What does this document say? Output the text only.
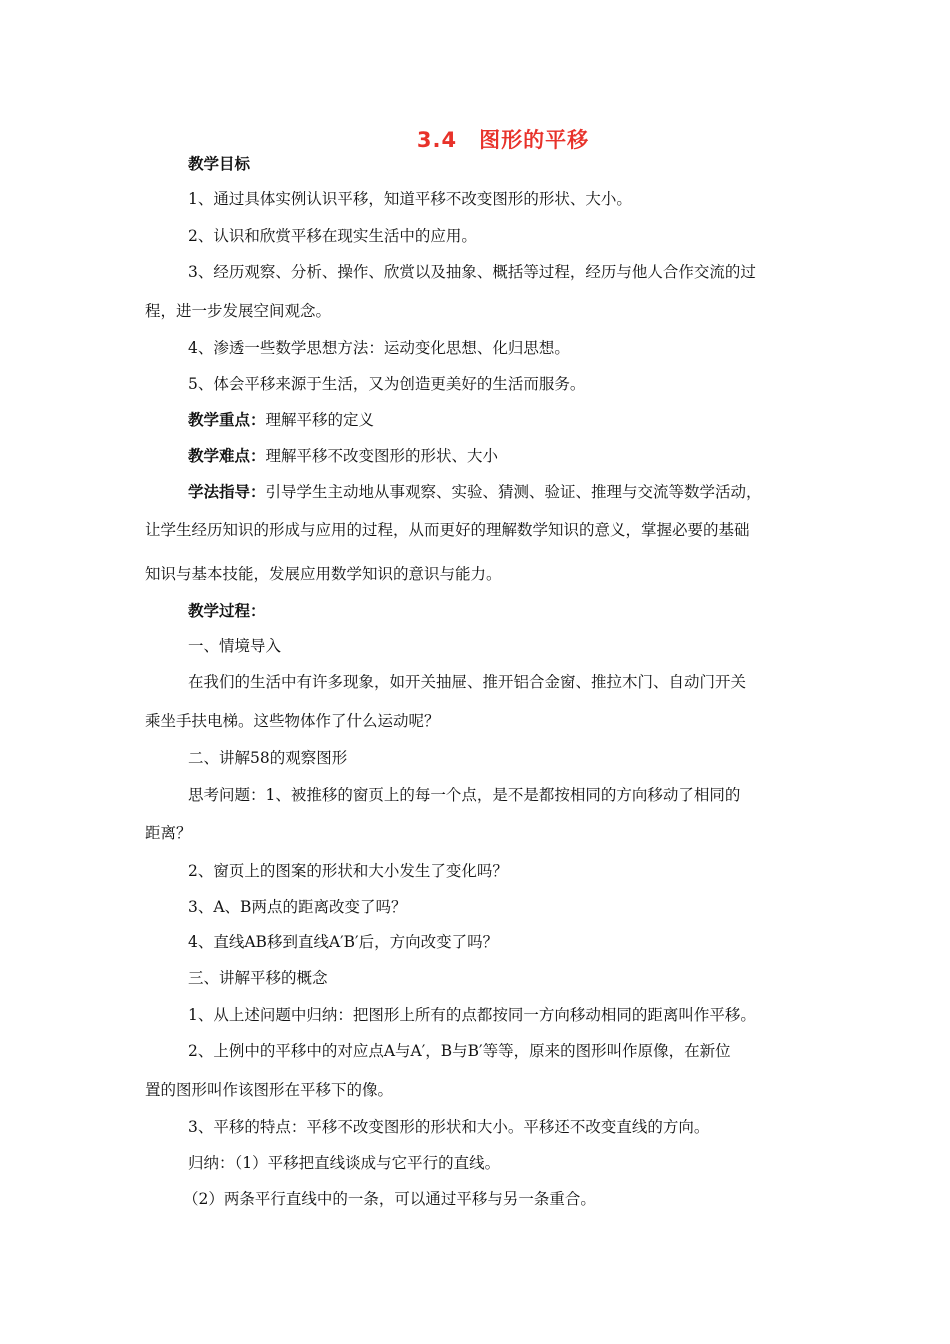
3.4　图形的平移
教学目标
1、通过具体实例认识平移，知道平移不改变图形的形状、大小。
2、认识和欣赏平移在现实生活中的应用。
3、经历观察、分析、操作、欣赏以及抽象、概括等过程，经历与他人合作交流的过
程，进一步发展空间观念。
4、渗透一些数学思想方法：运动变化思想、化归思想。
5、体会平移来源于生活，又为创造更美好的生活而服务。
教学重点：理解平移的定义
教学难点：理解平移不改变图形的形状、大小
学法指导：引导学生主动地从事观察、实验、猜测、验证、推理与交流等数学活动，
让学生经历知识的形成与应用的过程，从而更好的理解数学知识的意义，掌握必要的基础
知识与基本技能，发展应用数学知识的意识与能力。
教学过程：
一、情境导入
在我们的生活中有许多现象，如开关抽屉、推开铝合金窗、推拉木门、自动门开关
乘坐手扶电梯。这些物体作了什么运动呢？
二、讲解58的观察图形
思考问题：1、被推移的窗页上的每一个点，是不是都按相同的方向移动了相同的
距离？
2、窗页上的图案的形状和大小发生了变化吗？
3、A、B两点的距离改变了吗？
4、直线AB移到直线A′B′后，方向改变了吗？
三、讲解平移的概念
1、从上述问题中归纳：把图形上所有的点都按同一方向移动相同的距离叫作平移。
2、上例中的平移中的对应点A与A′，B与B′等等，原来的图形叫作原像，在新位
置的图形叫作该图形在平移下的像。
3、平移的特点：平移不改变图形的形状和大小。平移还不改变直线的方向。
归纳：（1）平移把直线谈成与它平行的直线。
（2）两条平行直线中的一条，可以通过平移与另一条重合。
